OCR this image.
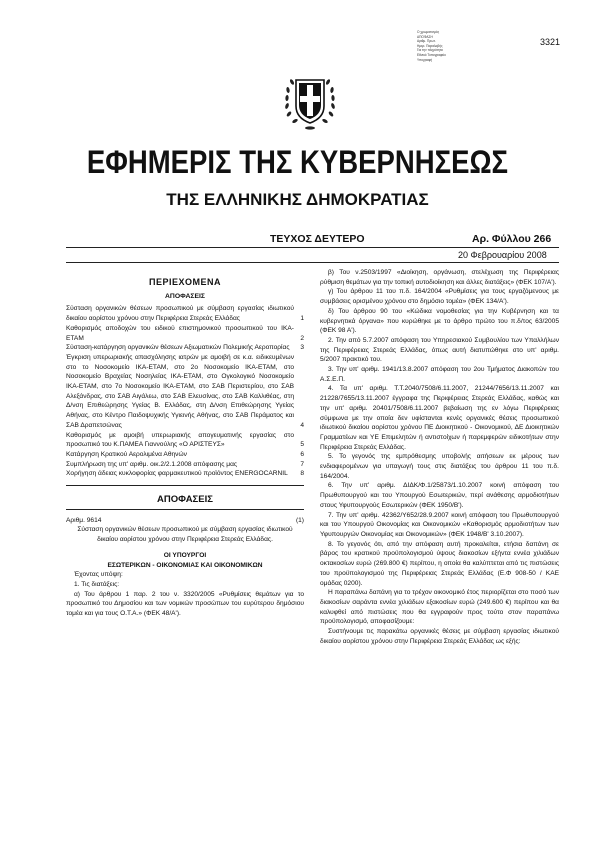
Ο χρωματισμός
ΑΠΟΦΑΣΗ
Αριθμ. Πρωτ.
Ημερ. Παραλαβής
Για την πληρότητα
Εθνικό Τυπογραφείο
Υπογραφή
3321
ΕΦΗΜΕΡΙΣ ΤΗΣ ΚΥΒΕΡΝΗΣΕΩΣ
ΤΗΣ ΕΛΛΗΝΙΚΗΣ ΔΗΜΟΚΡΑΤΙΑΣ
ΤΕΥΧΟΣ ΔΕΥΤΕΡΟ	Αρ. Φύλλου 266
20 Φεβρουαρίου 2008
ΠΕΡΙΕΧΟΜΕΝΑ
ΑΠΟΦΑΣΕΙΣ

Σύσταση οργανικών θέσεων προσωπικού με σύμβαση εργασίας ιδιωτικού δικαίου αορίστου χρόνου στην Περιφέρεια Στερεάς Ελλάδας	1

Καθορισμός αποδοχών του ειδικού επιστημονικού προσωπικού του ΙΚΑ-ΕΤΑΜ	2

Σύσταση-κατάργηση οργανικών θέσεων Αξιωματικών Πολεμικής Αεροπορίας	3

Έγκριση υπερωριακής απασχόλησης ιατρών με αμοιβή σε κ.α. ειδικευμένων στο το Νοσοκομείο ΙΚΑ-ΕΤΑΜ, στο 2ο Νοσοκομείο ΙΚΑ-ΕΤΑΜ, στο Νοσοκομείο Βραχείας Νοσηλείας ΙΚΑ-ΕΤΑΜ, στο Ογκολογικό Νοσοκομείο ΙΚΑ-ΕΤΑΜ, στο 7ο Νοσοκομείο ΙΚΑ-ΕΤΑΜ, στο ΣΑΒ Περιστερίου, στο ΣΑΒ Αλεξάνδρας, στο ΣΑΒ Αιγάλεω, στο ΣΑΒ Ελευσίνας, στο ΣΑΒ Καλλιθέας, στη Δ/νση Επιθεώρησης Υγείας Β. Ελλάδας, στη Δ/νση Επιθεώρησης Υγείας Αθήνας, στο Κέντρο Παιδοψυχικής Υγιεινής Αθήνας, στο ΣΑΒ Περάματος και ΣΑΒ Δραπετσώνας	4

Καθορισμός με αμοιβή υπερωριακής απογευματινής εργασίας στο προσωπικό του Κ.ΠΑΜΕΑ Γιαννούλης «Ο ΑΡΙΣΤΕΥΣ»	5

Κατάργηση Κρατικού Αερολιμένα Αθηνών	6

Συμπλήρωση της υπ' αριθμ. οικ.2/2.1.2008 απόφασης μας	7

Χορήγηση άδειας κυκλοφορίας φαρμακευτικού προϊόντος ENERGOCARNIL	8
ΑΠΟΦΑΣΕΙΣ
Αριθμ. 9614	(1)
Σύσταση οργανικών θέσεων προσωπικού με σύμβαση εργασίας ιδιωτικού δικαίου αορίστου χρόνου στην Περιφέρεια Στερεάς Ελλάδας.
ΟΙ ΥΠΟΥΡΓΟΙ
ΕΣΩΤΕΡΙΚΩΝ - ΟΙΚΟΝΟΜΙΑΣ ΚΑΙ ΟΙΚΟΝΟΜΙΚΩΝ

Έχοντας υπόψη:

1. Τις διατάξεις:

α) Του άρθρου 1 παρ. 2 του ν. 3320/2005 «Ρυθμίσεις θεμάτων για το προσωπικό του Δημοσίου και των νομικών προσώπων του ευρύτερου δημόσιου τομέα και για τους Ο.Τ.Α.» (ΦΕΚ 48/Α').

β) Του ν.2503/1997 «Διοίκηση, οργάνωση, στελέχωση της Περιφέρειας ρύθμιση θεμάτων για την τοπική αυτοδιοίκηση και άλλες διατάξεις» (ΦΕΚ 107/Α').

γ) Του άρθρου 11 του π.δ. 164/2004 «Ρυθμίσεις για τους εργαζόμενους με συμβάσεις ορισμένου χρόνου στο δημόσιο τομέα» (ΦΕΚ 134/Α').

δ) Του άρθρου 90 του «Κώδικα νομοθεσίας για την Κυβέρνηση και τα κυβερνητικά όργανα» που κυρώθηκε με το άρθρο πρώτο του π.δ/τος 63/2005 (ΦΕΚ 98 Α').

2. Την από 5.7.2007 απόφαση του Υπηρεσιακού Συμβουλίου των Υπαλλήλων της Περιφέρειας Στερεάς Ελλάδας, όπως αυτή διατυπώθηκε στο υπ' αριθμ. 5/2007 πρακτικό του.

3. Την υπ' αριθμ. 1941/13.8.2007 απόφαση του 2ου Τμήματος Διακοπών του Α.Σ.Ε.Π.

4. Τα υπ' αριθμ. Τ.Τ.2040/7508/6.11.2007, 21244/7656/13.11.2007 και 21228/7655/13.11.2007 έγγραφα της Περιφέρειας Στερεάς Ελλάδας, καθώς και την υπ' αριθμ. 20401/7508/6.11.2007 βεβαίωση της εν λόγω Περιφέρειας σύμφωνα με την οποία δεν υφίστανται κενές οργανικές θέσεις προσωπικού ιδιωτικού δικαίου αορίστου χρόνου ΠΕ Διοικητικού - Οικονομικού, ΔΕ Διοικητικών Γραμματέων και ΥΕ Επιμελητών ή αντιστοίχων ή παρεμφερών ειδικοτήτων στην Περιφέρεια Στερεάς Ελλάδας.

5. Το γεγονός της εμπρόθεσμης υποβολής αιτήσεων εκ μέρους των ενδιαφερομένων για υπαγωγή τους στις διατάξεις του άρθρου 11 του π.δ. 164/2004.

6. Την υπ' αριθμ. ΔΙΔΚ/Φ.1/25873/1.10.2007 κοινή απόφαση του Πρωθυπουργού και του Υπουργού Εσωτερικών, περί ανάθεσης αρμοδιοτήτων στους Υφυπουργούς Εσωτερικών (ΦΕΚ 1950/Β').

7. Την υπ' αριθμ. 42362/Υ652/28.9.2007 κοινή απόφαση του Πρωθυπουργού και του Υπουργού Οικονομίας και Οικονομικών «Καθορισμός αρμοδιοτήτων των Υφυπουργών Οικονομίας και Οικονομικών» (ΦΕΚ 1948/Β' 3.10.2007).

8. Το γεγονός ότι, από την απόφαση αυτή προκαλείται, ετήσια δαπάνη σε βάρος του κρατικού προϋπολογισμού ύψους διακοσίων εξήντα εννέα χιλιάδων οκτακοσίων ευρώ (269.800 €) περίπου, η οποία θα καλύπτεται από τις πιστώσεις του προϋπολογισμού της Περιφέρειας Στερεάς Ελλάδας (Ε.Φ 908-50 / ΚΑΕ ομάδας 0200).

Η παραπάνω δαπάνη για το τρέχον οικονομικό έτος περιορίζεται στο ποσό των διακοσίων σαράντα εννέα χιλιάδων εξακοσίων ευρώ (249.600 €) περίπου και θα καλυφθεί από πιστώσεις που θα εγγραφούν προς τούτο στον παραπάνω προϋπολογισμό, αποφασίζουμε:

Συστήνουμε τις παρακάτω οργανικές θέσεις με σύμβαση εργασίας ιδιωτικού δικαίου αορίστου χρόνου στην Περιφέρεια Στερεάς Ελλάδας ως εξής:
